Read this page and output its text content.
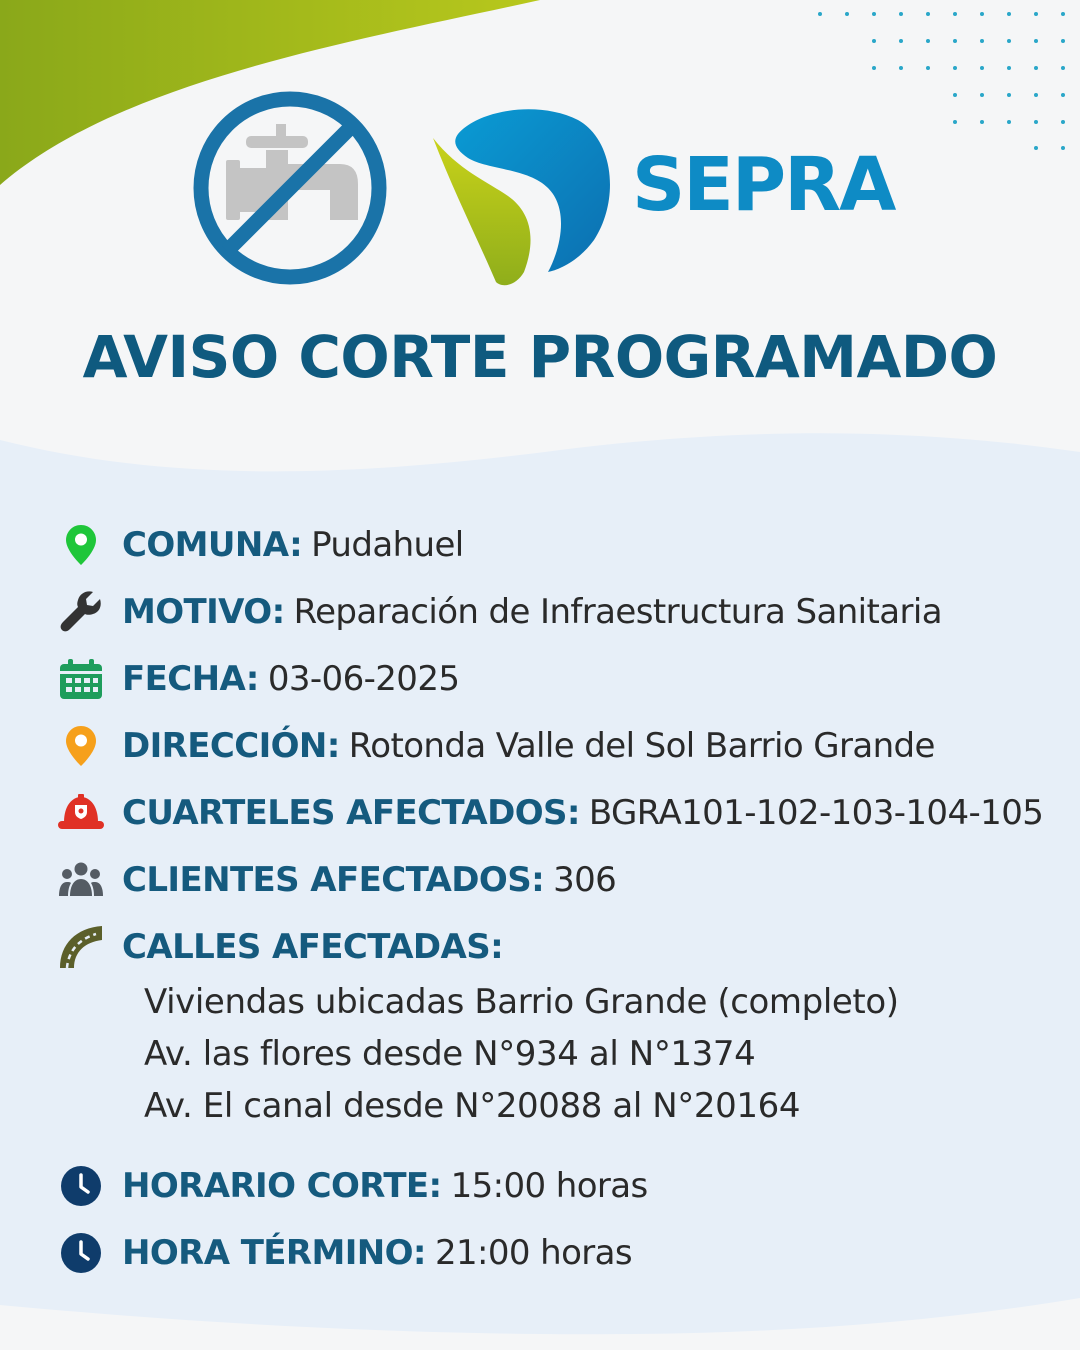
SEPRA
AVISO CORTE PROGRAMADO
COMUNA: Pudahuel
MOTIVO: Reparación de Infraestructura Sanitaria
FECHA: 03-06-2025
DIRECCIÓN: Rotonda Valle del Sol Barrio Grande
CUARTELES AFECTADOS: BGRA101-102-103-104-105
CLIENTES AFECTADOS: 306
CALLES AFECTADAS:
Viviendas ubicadas Barrio Grande (completo)
Av. las flores desde N°934 al N°1374
Av. El canal desde N°20088 al N°20164
HORARIO CORTE: 15:00 horas
HORA TÉRMINO: 21:00 horas
